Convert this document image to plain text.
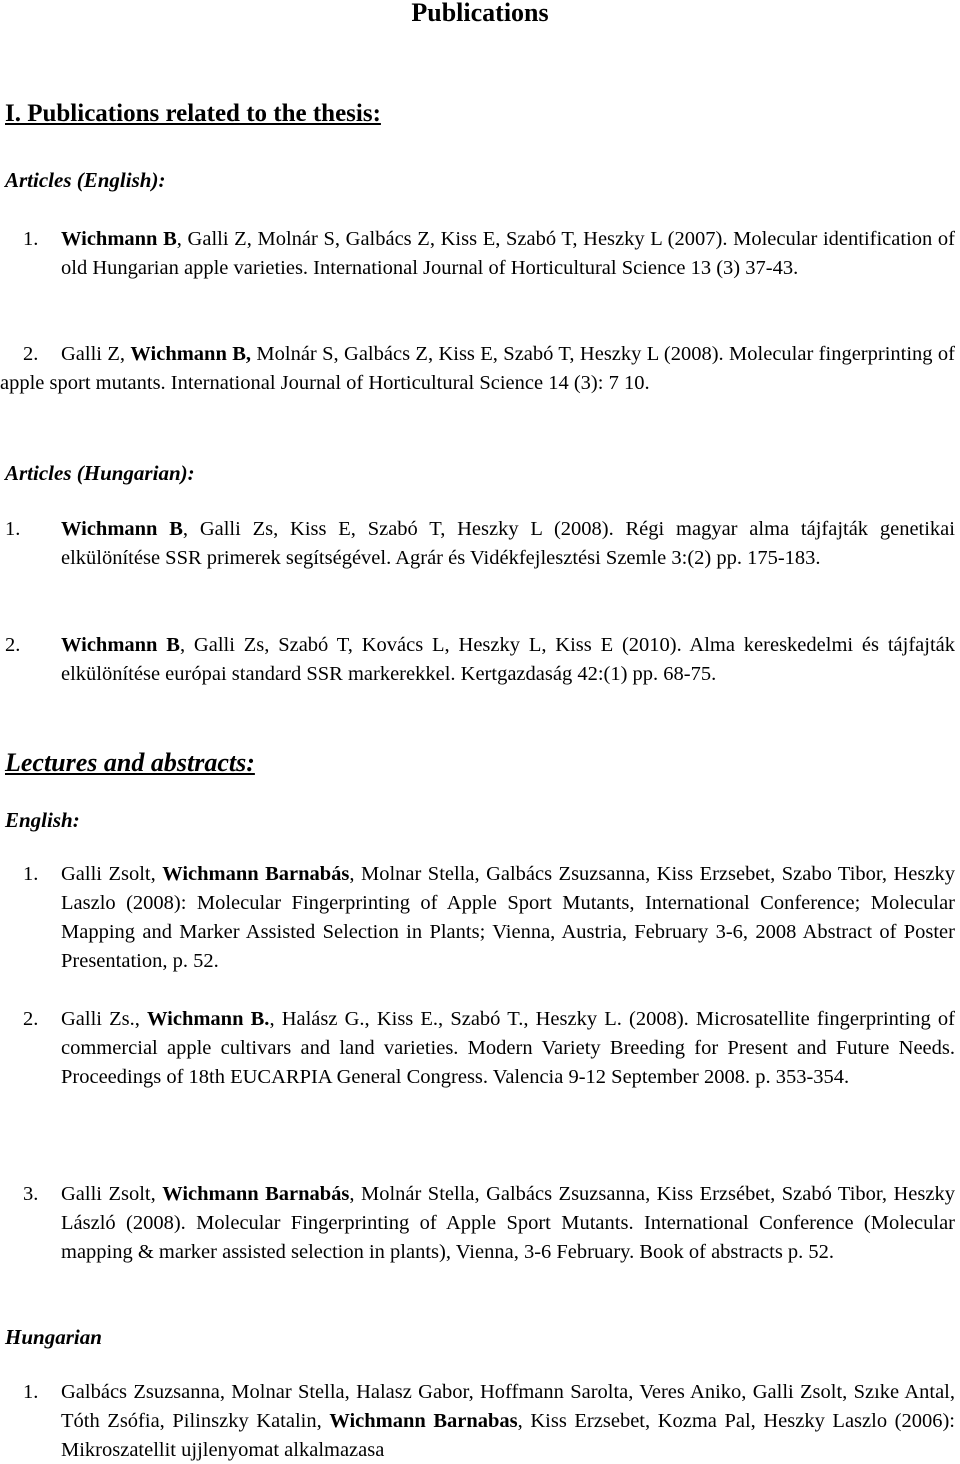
Publications
I. Publications related to the thesis:
Articles (English):
1. Wichmann B, Galli Z, Molnár S, Galbács Z, Kiss E, Szabó T, Heszky L (2007). Molecular identification of old Hungarian apple varieties. International Journal of Horticultural Science 13 (3) 37-43.
2.	Galli Z, Wichmann B, Molnár S, Galbács Z, Kiss E, Szabó T, Heszky L (2008). Molecular fingerprinting of apple sport mutants. International Journal of Horticultural Science 14 (3): 7 10.
Articles (Hungarian):
1. Wichmann B, Galli Zs, Kiss E, Szabó T, Heszky L (2008). Régi magyar alma tájfajták genetikai elkülönítése SSR primerek segítségével. Agrár és Vidékfejlesztési Szemle 3:(2) pp. 175-183.
2. Wichmann B, Galli Zs, Szabó T, Kovács L, Heszky L, Kiss E (2010). Alma kereskedelmi és tájfajták elkülönítése európai standard SSR markerekkel. Kertgazdaság 42:(1) pp. 68-75.
Lectures and abstracts:
English:
1. Galli Zsolt, Wichmann Barnabás, Molnar Stella, Galbács Zsuzsanna, Kiss Erzsebet, Szabo Tibor, Heszky Laszlo (2008): Molecular Fingerprinting of Apple Sport Mutants, International Conference; Molecular Mapping and Marker Assisted Selection in Plants; Vienna, Austria, February 3-6, 2008 Abstract of Poster Presentation, p. 52.
2. Galli Zs., Wichmann B., Halász G., Kiss E., Szabó T., Heszky L. (2008). Microsatellite fingerprinting of commercial apple cultivars and land varieties. Modern Variety Breeding for Present and Future Needs. Proceedings of 18th EUCARPIA General Congress. Valencia 9-12 September 2008. p. 353-354.
3. Galli Zsolt, Wichmann Barnabás, Molnár Stella, Galbács Zsuzsanna, Kiss Erzsébet, Szabó Tibor, Heszky László (2008). Molecular Fingerprinting of Apple Sport Mutants. International Conference (Molecular mapping & marker assisted selection in plants), Vienna, 3-6 February. Book of abstracts p. 52.
Hungarian
1. Galbács Zsuzsanna, Molnar Stella, Halasz Gabor, Hoffmann Sarolta, Veres Aniko, Galli Zsolt, Szıke Antal, Tóth Zsófia, Pilinszky Katalin, Wichmann Barnabas, Kiss Erzsebet, Kozma Pal, Heszky Laszlo (2006): Mikroszatellit ujjlenyomat alkalmazasa
